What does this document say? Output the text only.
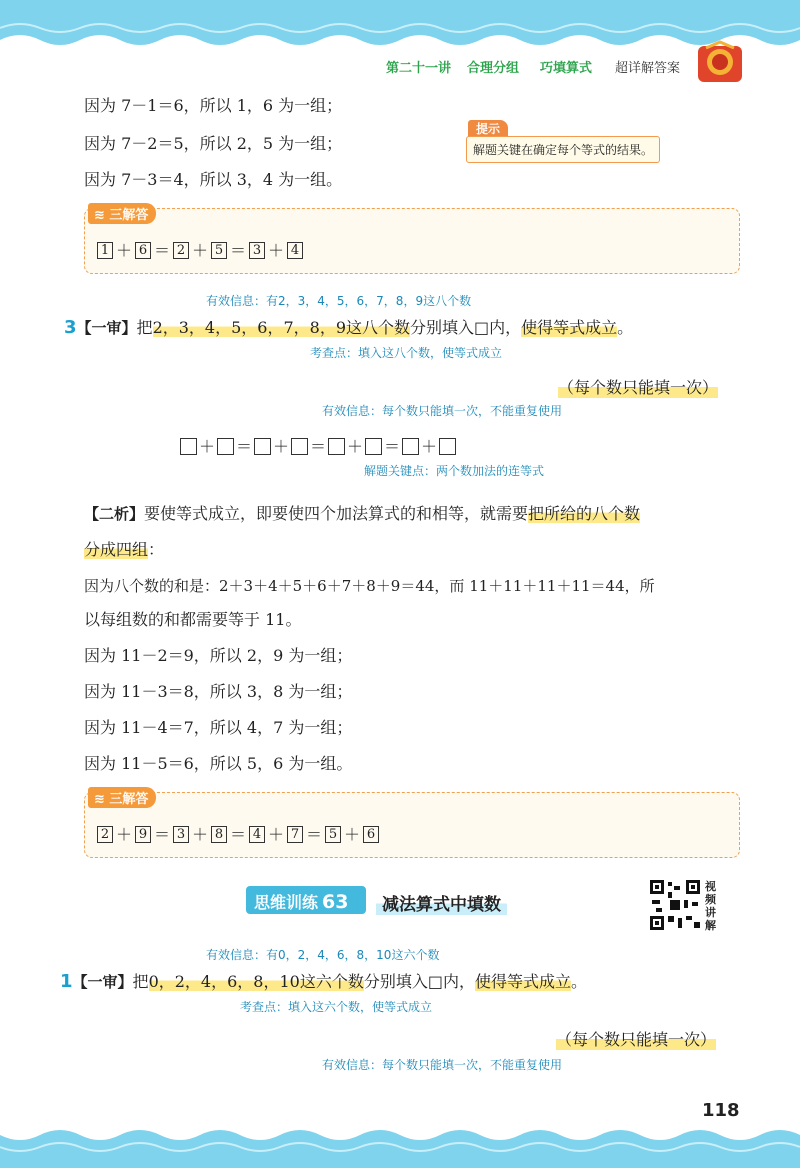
第二十一讲 合理分组 巧填算式 超详解答案
因为 7－1＝6，所以 1，6 为一组；
因为 7－2＝5，所以 2，5 为一组；
因为 7－3＝4，所以 3，4 为一组。
提示
解题关键在确定每个等式的结果。
≋ 三解答
1 ＋ 6 ＝ 2 ＋ 5 ＝ 3 ＋ 4
有效信息：有2，3，4，5，6，7，8，9这八个数
3【一审】把2，3，4，5，6，7，8，9这八个数分别填入□内，使得等式成立。
考查点：填入这八个数，使等式成立
（每个数只能填一次）
有效信息：每个数只能填一次，不能重复使用
＋ ＝ ＋ ＝ ＋ ＝ ＋
解题关键点：两个数加法的连等式
【二析】要使等式成立，即要使四个加法算式的和相等，就需要把所给的八个数
分成四组：
因为八个数的和是：2＋3＋4＋5＋6＋7＋8＋9＝44，而 11＋11＋11＋11＝44，所
以每组数的和都需要等于 11。
因为 11－2＝9，所以 2，9 为一组；
因为 11－3＝8，所以 3，8 为一组；
因为 11－4＝7，所以 4，7 为一组；
因为 11－5＝6，所以 5，6 为一组。
≋ 三解答
2 ＋ 9 ＝ 3 ＋ 8 ＝ 4 ＋ 7 ＝ 5 ＋ 6
思维训练 63	减法算式中填数
视频讲解
有效信息：有0，2，4，6，8，10这六个数
1【一审】把0，2，4，6，8，10这六个数分别填入□内，使得等式成立。
考查点：填入这六个数，使等式成立
（每个数只能填一次）
有效信息：每个数只能填一次，不能重复使用
118
